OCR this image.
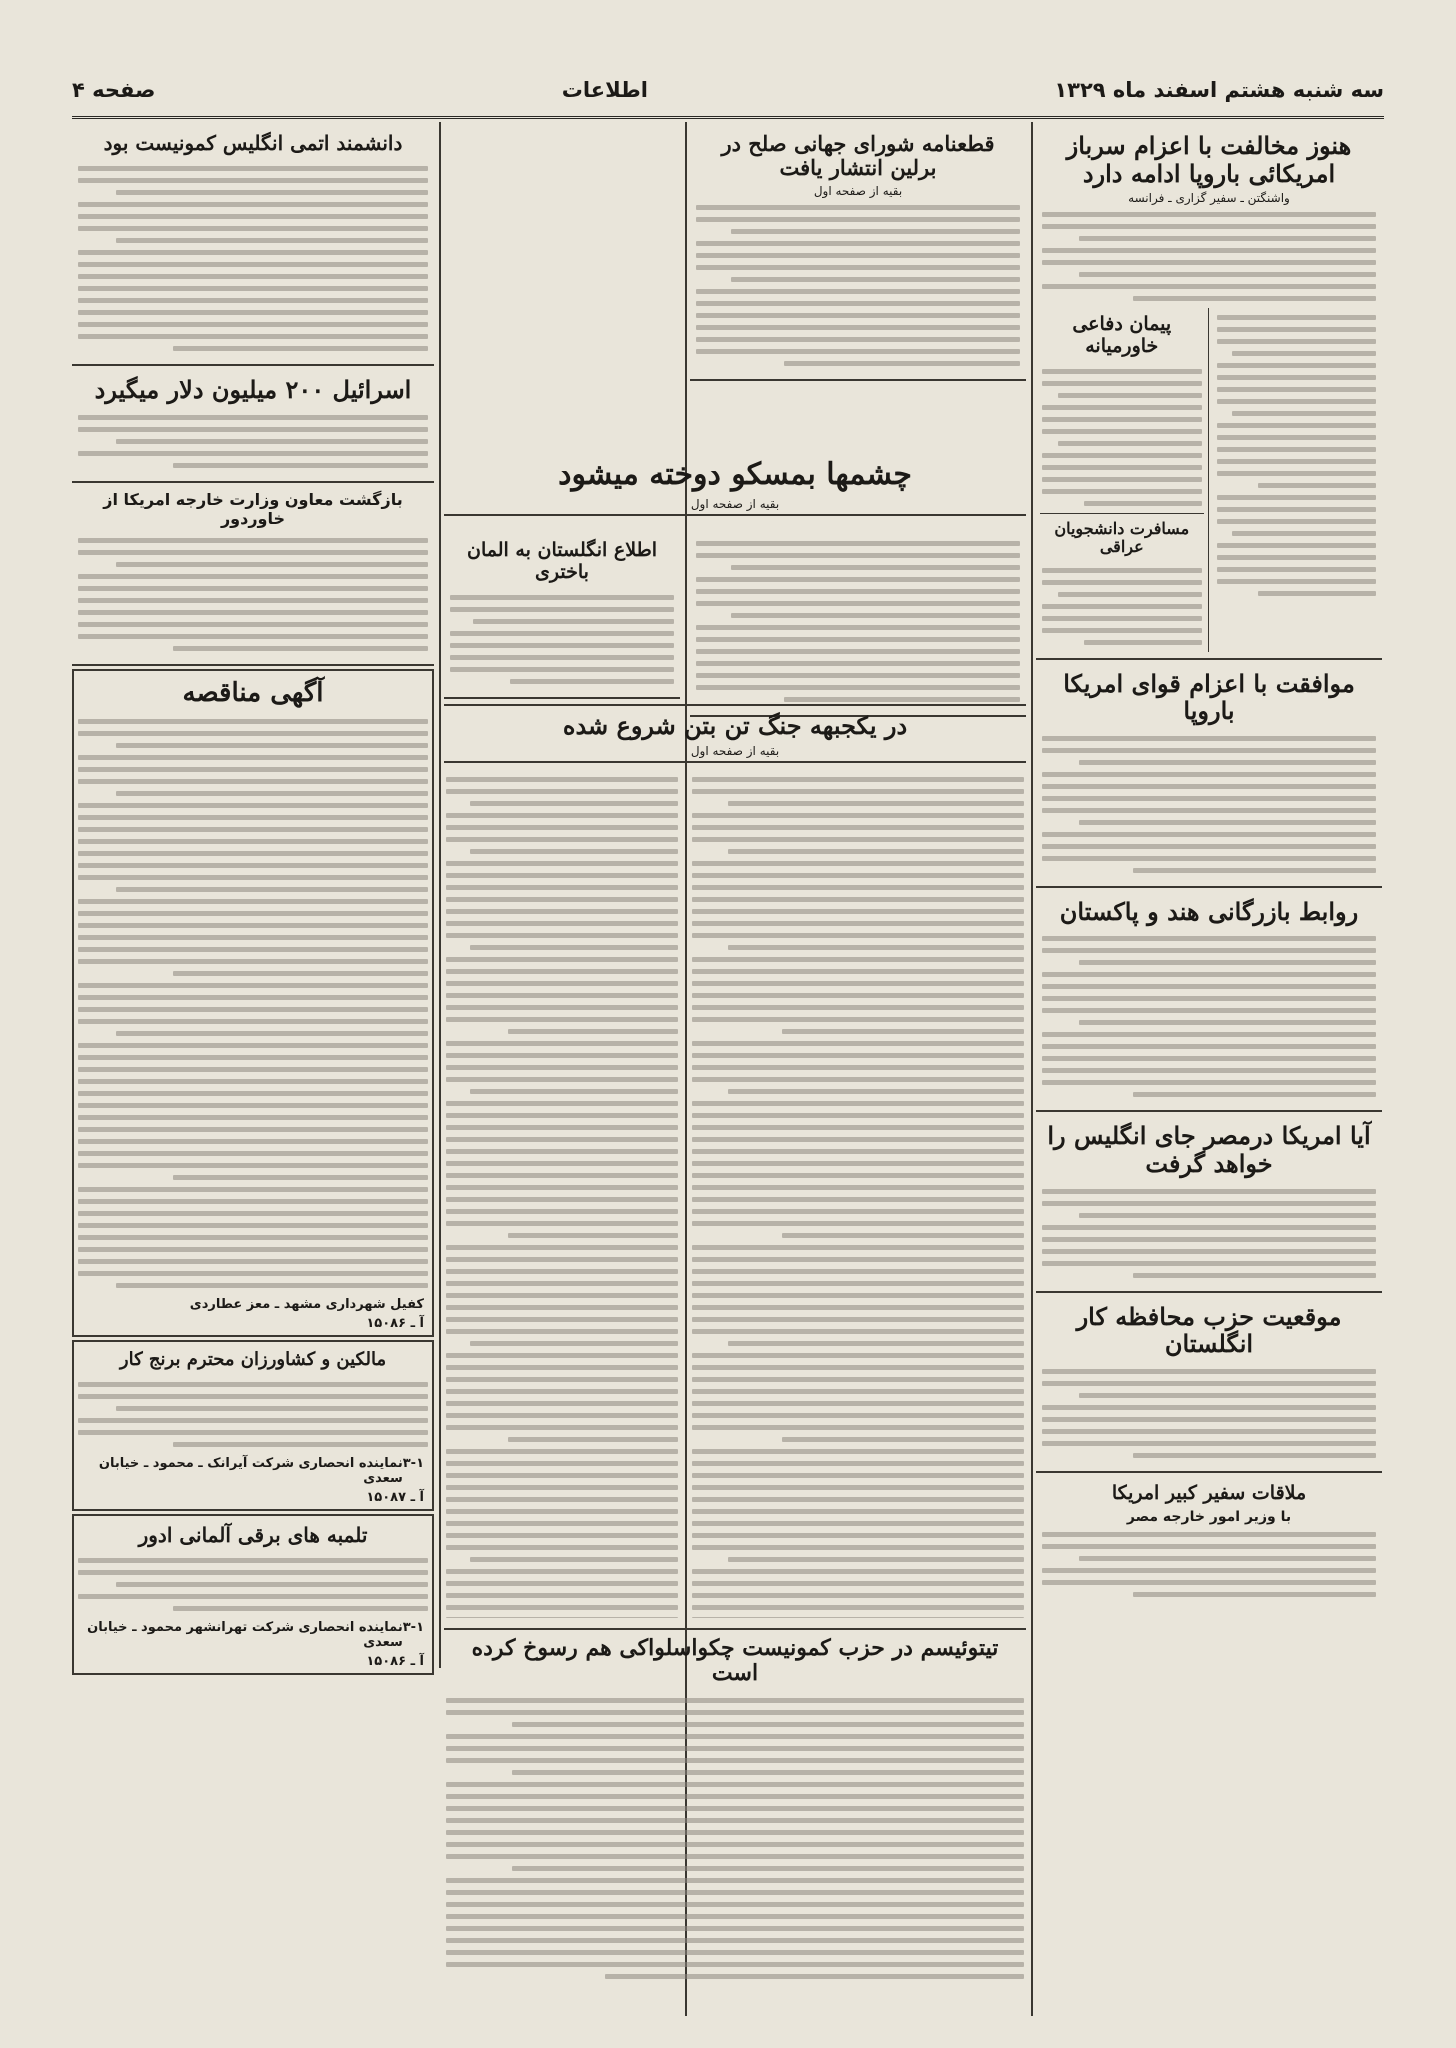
سه شنبه هشتم اسفند ماه ۱۳۲۹
اطلاعات
صفحه ۴
هنوز مخالفت با اعزام سرباز امریکائی باروپا ادامه دارد
واشنگتن ـ سفیر گزاری ـ فرانسه
پیمان دفاعی خاورمیانه
مسافرت دانشجویان عراقی
موافقت با اعزام قوای امریکا باروپا
روابط بازرگانی هند و پاکستان
آیا امریکا درمصر جای انگلیس را خواهد گرفت
موقعیت حزب محافظه کار انگلستان
ملاقات سفیر کبیر امریکا
با وزیر امور خارجه مصر
قطعنامه شورای جهانی صلح در برلین انتشار یافت
بقیه از صفحه اول
چشمها بمسکو دوخته میشود
بقیه از صفحه اول
اطلاع انگلستان به المان باختری
در یکجبهه جنگ تن بتن شروع شده
بقیه از صفحه اول
تیتوئیسم در حزب کمونیست چکواسلواکی هم رسوخ کرده است
دانشمند اتمی انگلیس کمونیست بود
اسرائیل ۲۰۰ میلیون دلار میگیرد
بازگشت معاون وزارت خارجه امریکا از خاوردور
آگهی مناقصه
کفیل شهرداری مشهد ـ معز عطاردی
آ ـ ۱۵۰۸۶
مالکین و کشاورزان محترم برنج کار
۳-۱
نماینده انحصاری شرکت آیرانک ـ محمود ـ خیابان سعدی
آ ـ ۱۵۰۸۷
تلمبه های برقی آلمانی ادور
۳-۱
نماینده انحصاری شرکت تهرانشهر محمود ـ خیابان سعدی
آ ـ ۱۵۰۸۶
